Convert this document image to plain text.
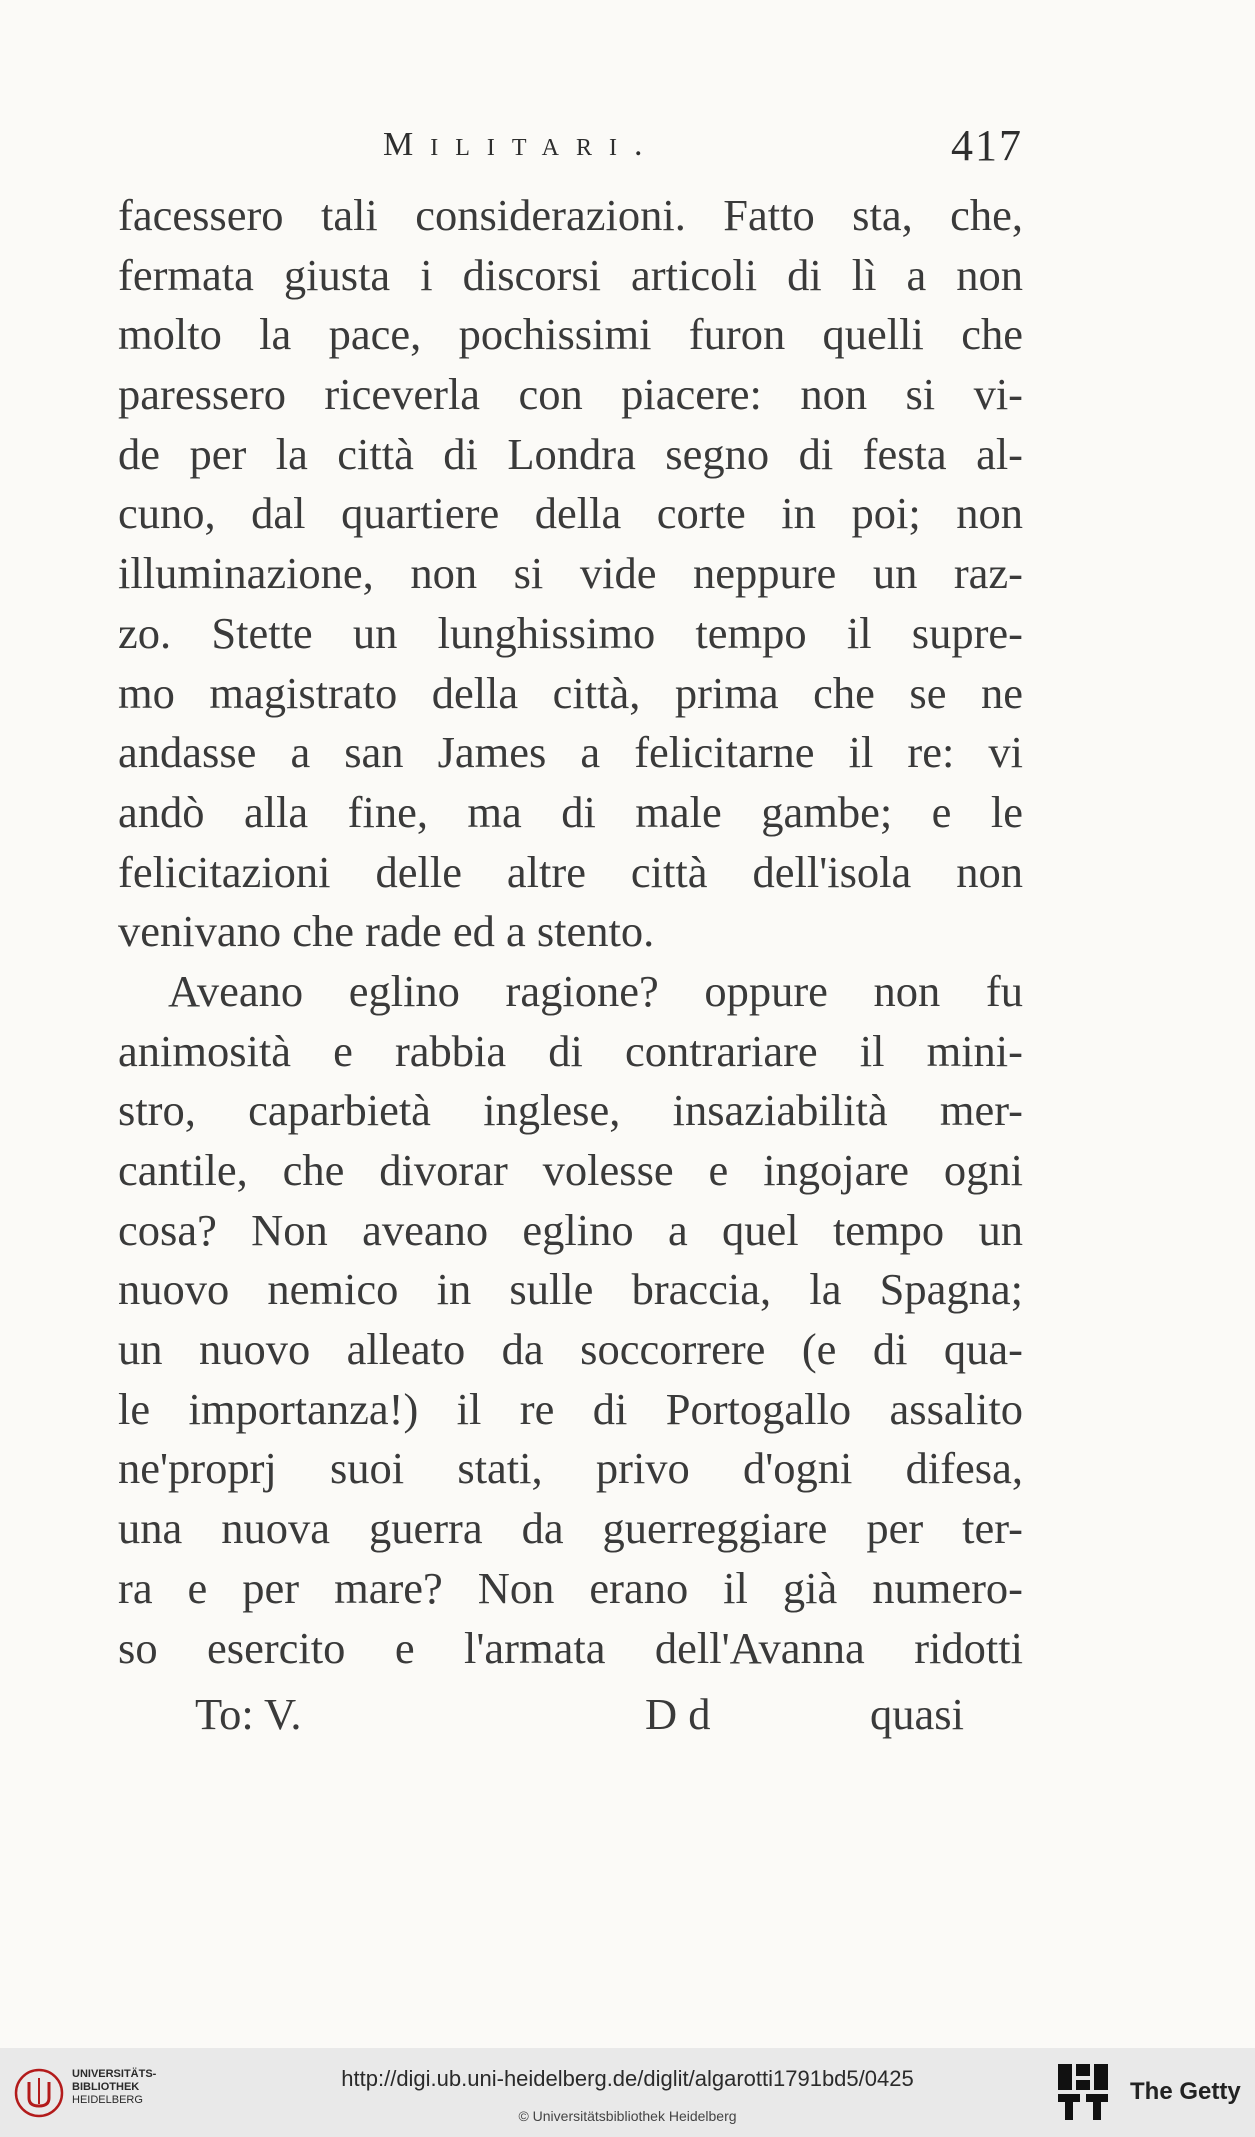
Militari.	417
facessero tali considerazioni. Fatto sta, che,
fermata giusta i discorsi articoli di lì a non
molto la pace, pochissimi furon quelli che
paressero riceverla con piacere: non si vi-
de per la città di Londra segno di festa al-
cuno, dal quartiere della corte in poi; non
illuminazione, non si vide neppure un raz-
zo. Stette un lunghissimo tempo il supre-
mo magistrato della città, prima che se ne
andasse a san James a felicitarne il re: vi
andò alla fine, ma di male gambe; e le
felicitazioni delle altre città dell'isola non
venivano che rade ed a stento.
Aveano eglino ragione? oppure non fu
animosità e rabbia di contrariare il mini-
stro, caparbietà inglese, insaziabilità mer-
cantile, che divorar volesse e ingojare ogni
cosa? Non aveano eglino a quel tempo un
nuovo nemico in sulle braccia, la Spagna;
un nuovo alleato da soccorrere (e di qua-
le importanza!) il re di Portogallo assalito
ne'proprj suoi stati, privo d'ogni difesa,
una nuova guerra da guerreggiare per ter-
ra e per mare? Non erano il già numero-
so esercito e l'armata dell'Avanna ridotti
To: V.	D d	quasi
UNIVERSITÄTS-
BIBLIOTHEK
HEIDELBERG
http://digi.ub.uni-heidelberg.de/diglit/algarotti1791bd5/0425
© Universitätsbibliothek Heidelberg
The Getty
